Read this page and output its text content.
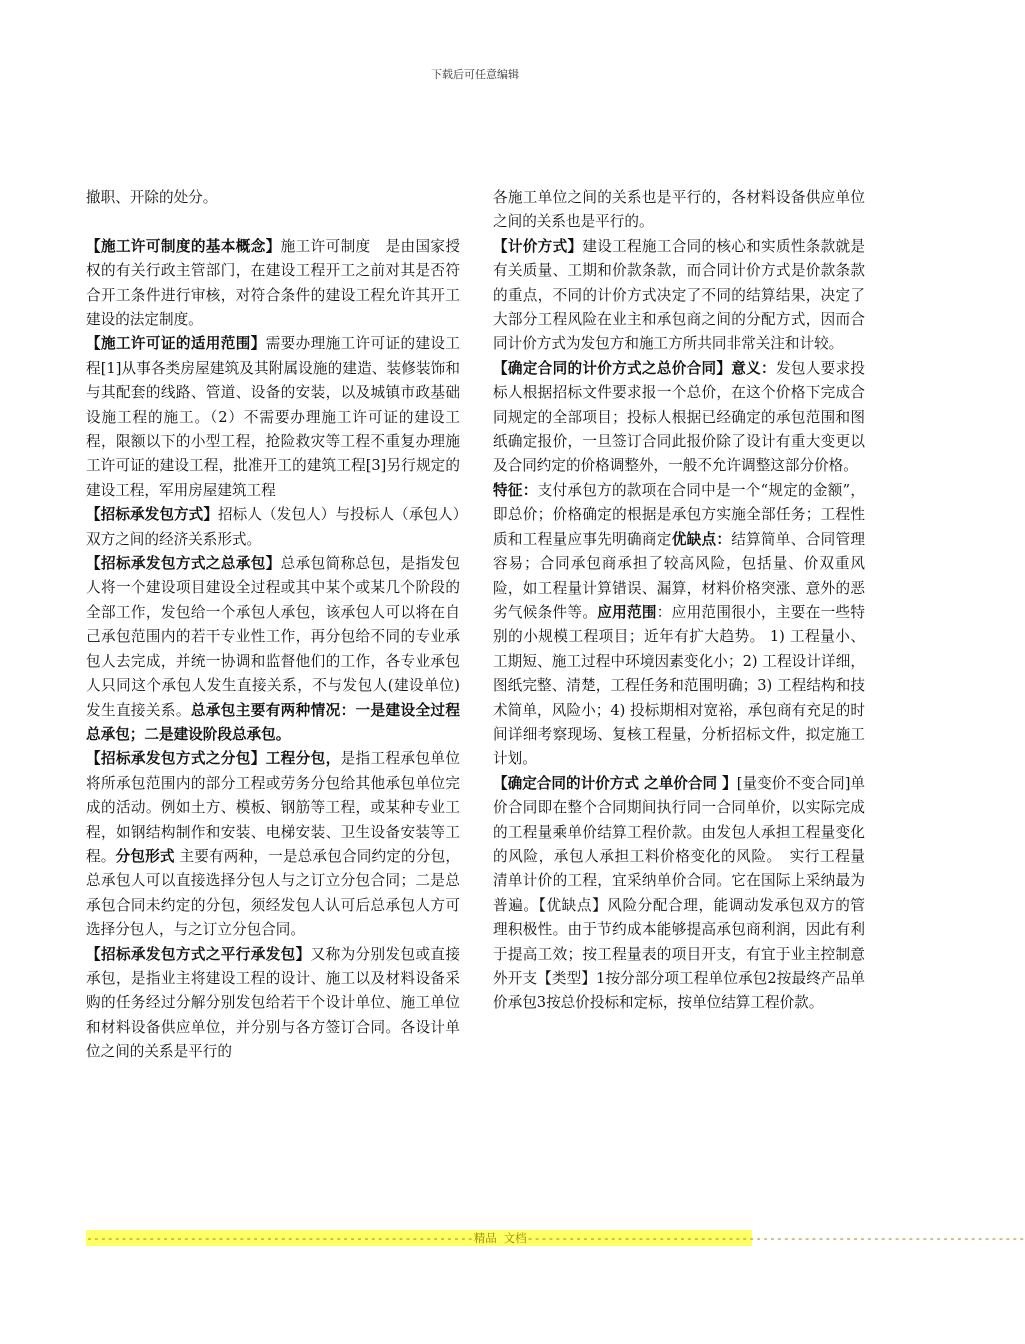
下载后可任意编辑

撤职、开除的处分。

【施工许可制度的基本概念】施工许可制度　是由国家授权的有关行政主管部门，在建设工程开工之前对其是否符合开工条件进行审核，对符合条件的建设工程允许其开工建设的法定制度。

【施工许可证的适用范围】需要办理施工许可证的建设工程[1]从事各类房屋建筑及其附属设施的建造、装修装饰和与其配套的线路、管道、设备的安装，以及城镇市政基础设施工程的施工。（2）不需要办理施工许可证的建设工程，限额以下的小型工程，抢险救灾等工程不重复办理施工许可证的建设工程，批准开工的建筑工程[3]另行规定的建设工程，军用房屋建筑工程

【招标承发包方式】招标人（发包人）与投标人（承包人）双方之间的经济关系形式。

【招标承发包方式之总承包】总承包简称总包，是指发包人将一个建设项目建设全过程或其中某个或某几个阶段的全部工作，发包给一个承包人承包，该承包人可以将在自己承包范围内的若干专业性工作，再分包给不同的专业承包人去完成，并统一协调和监督他们的工作，各专业承包人只同这个承包人发生直接关系，不与发包人(建设单位)发生直接关系。总承包主要有两种情况：一是建设全过程总承包；二是建设阶段总承包。

【招标承发包方式之分包】工程分包，是指工程承包单位将所承包范围内的部分工程或劳务分包给其他承包单位完成的活动。例如土方、模板、钢筋等工程，或某种专业工程，如钢结构制作和安装、电梯安装、卫生设备安装等工程。分包形式 主要有两种，一是总承包合同约定的分包，总承包人可以直接选择分包人与之订立分包合同；二是总承包合同未约定的分包，须经发包人认可后总承包人方可选择分包人，与之订立分包合同。

【招标承发包方式之平行承发包】又称为分别发包或直接承包，是指业主将建设工程的设计、施工以及材料设备采购的任务经过分解分别发包给若干个设计单位、施工单位和材料设备供应单位，并分别与各方签订合同。各设计单位之间的关系是平行的

各施工单位之间的关系也是平行的，各材料设备供应单位之间的关系也是平行的。

【计价方式】建设工程施工合同的核心和实质性条款就是有关质量、工期和价款条款，而合同计价方式是价款条款的重点，不同的计价方式决定了不同的结算结果，决定了大部分工程风险在业主和承包商之间的分配方式，因而合同计价方式为发包方和施工方所共同非常关注和计较。

【确定合同的计价方式之总价合同】意义：发包人要求投标人根据招标文件要求报一个总价，在这个价格下完成合同规定的全部项目；投标人根据已经确定的承包范围和图纸确定报价，一旦签订合同此报价除了设计有重大变更以及合同约定的价格调整外，一般不允许调整这部分价格。

特征：支付承包方的款项在合同中是一个“规定的金额”，即总价；价格确定的根据是承包方实施全部任务；工程性质和工程量应事先明确商定优缺点：结算简单、合同管理容易；合同承包商承担了较高风险，包括量、价双重风险，如工程量计算错误、漏算，材料价格突涨、意外的恶劣气候条件等。应用范围：应用范围很小，主要在一些特别的小规模工程项目；近年有扩大趋势。 1) 工程量小、工期短、施工过程中环境因素变化小；2) 工程设计详细，图纸完整、清楚，工程任务和范围明确；3) 工程结构和技术简单，风险小；4) 投标期相对宽裕，承包商有充足的时间详细考察现场、复核工程量，分析招标文件，拟定施工计划。

【确定合同的计价方式 之单价合同 】[量变价不变合同]单价合同即在整个合同期间执行同一合同单价，以实际完成的工程量乘单价结算工程价款。由发包人承担工程量变化的风险，承包人承担工料价格变化的风险。　实行工程量清单计价的工程，宜采纳单价合同。它在国际上采纳最为普遍。【优缺点】风险分配合理，能调动发承包双方的管理积极性。由于节约成本能够提高承包商利润，因此有利于提高工效；按工程量表的项目开支，有宜于业主控制意外开支【类型】1按分部分项工程单位承包2按最终产品单价承包3按总价投标和定标，按单位结算工程价款。

--------------------------------------------------------精品 文档------------------------------------------------------------------------
